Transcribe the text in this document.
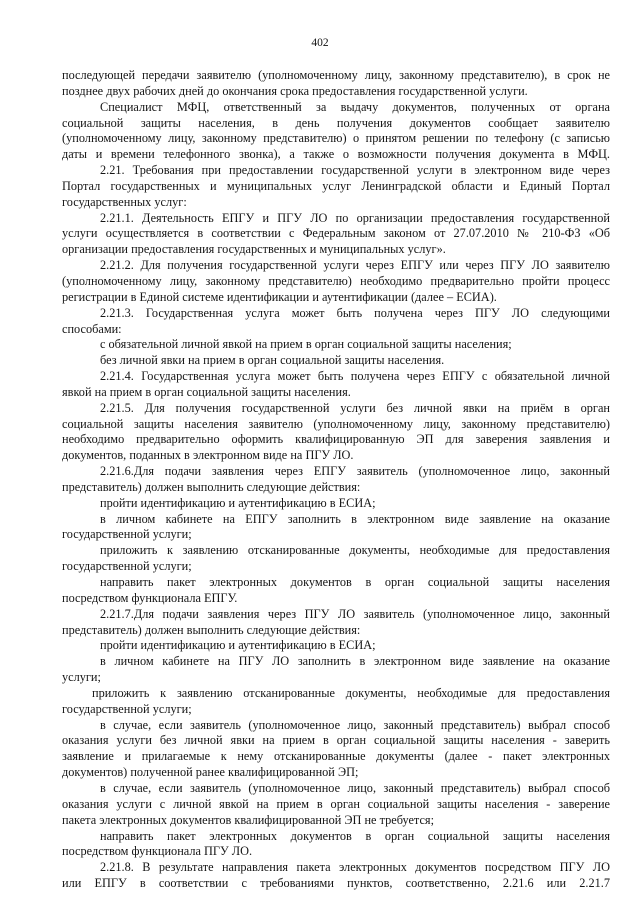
402
последующей передачи заявителю (уполномоченному лицу, законному представителю), в срок не
позднее двух рабочих дней до окончания срока предоставления государственной услуги.
Специалист МФЦ, ответственный за выдачу документов, полученных от органа
социальной защиты населения, в день получения документов сообщает заявителю
(уполномоченному лицу, законному представителю) о принятом решении по телефону (с записью
даты и времени телефонного звонка), а также о возможности получения документа в МФЦ.
2.21. Требования при предоставлении государственной услуги в электронном виде через
Портал государственных и муниципальных услуг Ленинградской области и Единый Портал
государственных услуг:
2.21.1. Деятельность ЕПГУ и ПГУ ЛО по организации предоставления государственной
услуги осуществляется в соответствии с Федеральным законом от 27.07.2010 № 210-ФЗ «Об
организации предоставления государственных и муниципальных услуг».
2.21.2. Для получения государственной услуги через ЕПГУ или через ПГУ ЛО заявителю
(уполномоченному лицу, законному представителю) необходимо предварительно пройти процесс
регистрации в Единой системе идентификации и аутентификации (далее – ЕСИА).
2.21.3. Государственная услуга может быть получена через ПГУ ЛО следующими
способами:
с обязательной личной явкой на прием в орган социальной защиты населения;
без личной явки на прием в орган социальной защиты населения.
2.21.4. Государственная услуга может быть получена через ЕПГУ с обязательной личной
явкой на прием в орган социальной защиты населения.
2.21.5. Для получения государственной услуги без личной явки на приём в орган
социальной защиты населения заявителю (уполномоченному лицу, законному представителю)
необходимо предварительно оформить квалифицированную ЭП для заверения заявления и
документов, поданных в электронном виде на ПГУ ЛО.
2.21.6.Для подачи заявления через ЕПГУ заявитель (уполномоченное лицо, законный
представитель) должен выполнить следующие действия:
пройти идентификацию и аутентификацию в ЕСИА;
в личном кабинете на ЕПГУ заполнить в электронном виде заявление на оказание
государственной услуги;
приложить к заявлению отсканированные документы, необходимые для предоставления
государственной услуги;
направить пакет электронных документов в орган социальной защиты населения
посредством функционала ЕПГУ.
2.21.7.Для подачи заявления через ПГУ ЛО заявитель (уполномоченное лицо, законный
представитель) должен выполнить следующие действия:
пройти идентификацию и аутентификацию в ЕСИА;
в личном кабинете на ПГУ ЛО заполнить в электронном виде заявление на оказание
услуги;
приложить к заявлению отсканированные документы, необходимые для предоставления
государственной услуги;
в случае, если заявитель (уполномоченное лицо, законный представитель) выбрал способ
оказания услуги без личной явки на прием в орган социальной защиты населения - заверить
заявление и прилагаемые к нему отсканированные документы (далее - пакет электронных
документов) полученной ранее квалифицированной ЭП;
в случае, если заявитель (уполномоченное лицо, законный представитель) выбрал способ
оказания услуги с личной явкой на прием в орган социальной защиты населения - заверение
пакета электронных документов квалифицированной ЭП не требуется;
направить пакет электронных документов в орган социальной защиты населения
посредством функционала ПГУ ЛО.
2.21.8. В результате направления пакета электронных документов посредством ПГУ ЛО
или ЕПГУ в соответствии с требованиями пунктов, соответственно, 2.21.6 или 2.21.7
